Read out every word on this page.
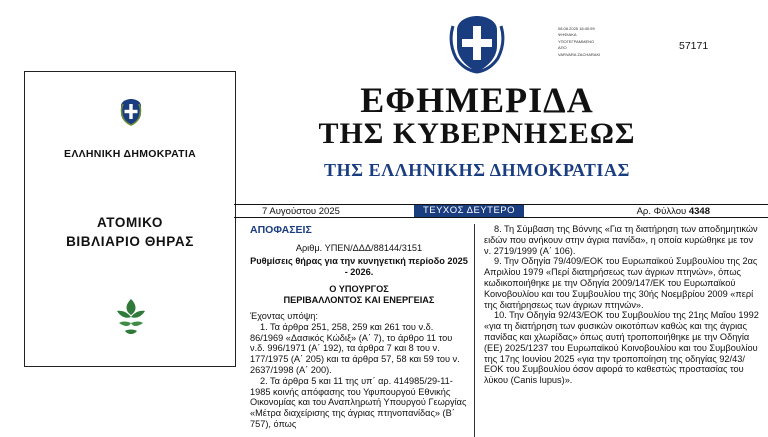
ΕΛΛΗΝΙΚΗ ΔΗΜΟΚΡΑΤΙΑ
ΑΤΟΜΙΚΟ
ΒΙΒΛΙΑΡΙΟ ΘΗΡΑΣ
08.08.2025 18:40:59
ΨΗΦΙΑΚΑ
ΥΠΟΓΕΓΡΑΜΜΕΝΟ
ΑΠΟ
VARVARA ZACHARAKI
57171
ΕΦΗΜΕΡΙΔΑ
ΤΗΣ ΚΥΒΕΡΝΗΣΕΩΣ
ΤΗΣ ΕΛΛΗΝΙΚΗΣ ΔΗΜΟΚΡΑΤΙΑΣ
7 Αυγούστου 2025	ΤΕΥΧΟΣ ΔΕΥΤΕΡΟ	Αρ. Φύλλου 4348
ΑΠΟΦΑΣΕΙΣ
Αριθμ. ΥΠΕΝ/ΔΔΔ/88144/3151
Ρυθμίσεις θήρας για την κυνηγετική περίοδο 2025 - 2026.
Ο ΥΠΟΥΡΓΟΣ
ΠΕΡΙΒΑΛΛΟΝΤΟΣ ΚΑΙ ΕΝΕΡΓΕΙΑΣ
Έχοντας υπόψη:
1. Τα άρθρα 251, 258, 259 και 261 του ν.δ. 86/1969 «Δασικός Κώδιξ» (Α΄ 7), το άρθρο 11 του ν.δ. 996/1971 (Α΄ 192), τα άρθρα 7 και 8 του ν. 177/1975 (Α΄ 205) και τα άρθρα 57, 58 και 59 του ν. 2637/1998 (Α΄ 200).
2. Τα άρθρα 5 και 11 της υπ΄ αρ. 414985/29-11-1985 κοινής απόφασης του Υφυπουργού Εθνικής Οικονομίας και του Αναπληρωτή Υπουργού Γεωργίας «Μέτρα διαχείρισης της άγριας πτηνοπανίδας» (Β΄ 757), όπως
8. Τη Σύμβαση της Βόννης «Για τη διατήρηση των αποδημητικών ειδών που ανήκουν στην άγρια πανίδα», η οποία κυρώθηκε με τον ν. 2719/1999 (Α΄ 106).
9. Την Οδηγία 79/409/ΕΟΚ του Ευρωπαϊκού Συμβουλίου της 2ας Απριλίου 1979 «Περί διατηρήσεως των άγριων πτηνών», όπως κωδικοποιήθηκε με την Οδηγία 2009/147/ΕΚ του Ευρωπαϊκού Κοινοβουλίου και του Συμβουλίου της 30ής Νοεμβρίου 2009 «περί της διατήρησεως των άγριων πτηνών».
10. Την Οδηγία 92/43/ΕΟΚ του Συμβουλίου της 21ης Μαΐου 1992 «για τη διατήρηση των φυσικών οικοτόπων καθώς και της άγριας πανίδας και χλωρίδας» όπως αυτή τροποποιήθηκε με την Οδηγία (ΕΕ) 2025/1237 του Ευρωπαϊκού Κοινοβουλίου και του Συμβουλίου της 17ης Ιουνίου 2025 «για την τροποποίηση της οδηγίας 92/43/ΕΟΚ του Συμβουλίου όσον αφορά το καθεστώς προστασίας του λύκου (Canis lupus)».
